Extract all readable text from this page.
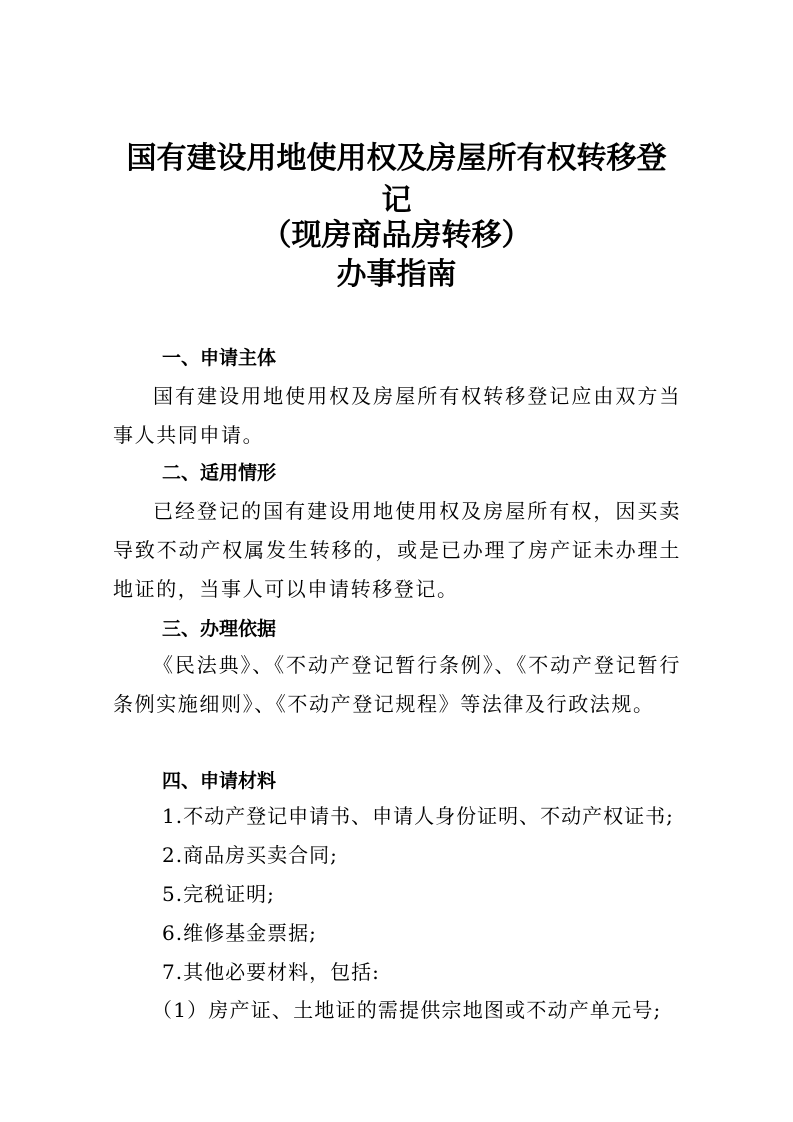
国有建设用地使用权及房屋所有权转移登
记
（现房商品房转移）
办事指南
一、申请主体

国有建设用地使用权及房屋所有权转移登记应由双方当事人共同申请。

二、适用情形

已经登记的国有建设用地使用权及房屋所有权，因买卖导致不动产权属发生转移的，或是已办理了房产证未办理土地证的，当事人可以申请转移登记。

三、办理依据

《民法典》、《不动产登记暂行条例》、《不动产登记暂行条例实施细则》、《不动产登记规程》等法律及行政法规。

四、申请材料
1.不动产登记申请书、申请人身份证明、不动产权证书;
2.商品房买卖合同;
5.完税证明;
6.维修基金票据;
7.其他必要材料，包括:
（1）房产证、土地证的需提供宗地图或不动产单元号;
